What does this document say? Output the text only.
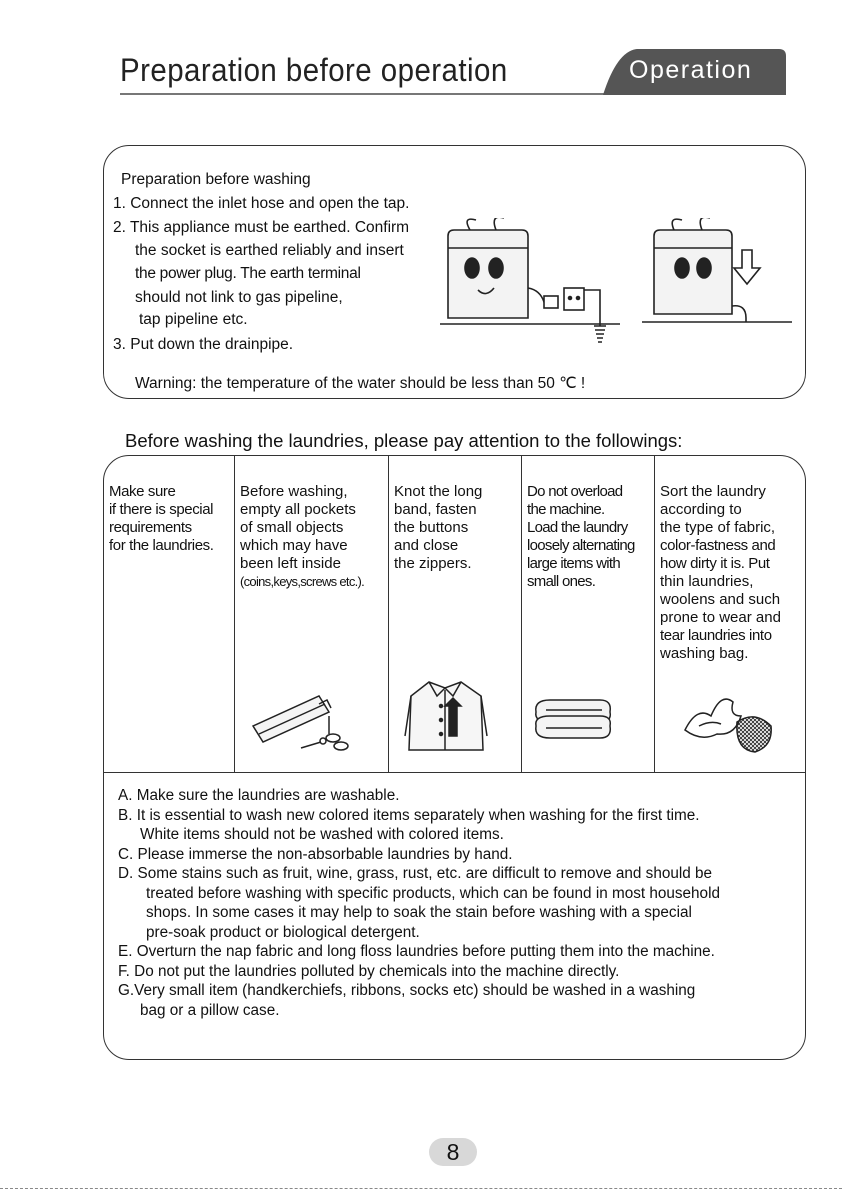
Preparation before operation	Operation
Preparation before washing
1. Connect the inlet hose and open the tap.
2. This appliance must be earthed. Confirm
the socket is earthed reliably and insert
the power plug. The earth terminal
should not link to gas pipeline,
tap pipeline etc.
3. Put down the drainpipe.
Warning: the temperature of the water should be less than 50 ℃ !
Before washing the laundries, please pay attention to the followings:
Make sure
if there is special
requirements
for the laundries.
Before washing,
empty all pockets
of small objects
which may have
been left inside
(coins,keys,screws etc.).
Knot the long
band, fasten
the buttons
and close
the zippers.
Do not overload
the machine.
Load the laundry
loosely alternating
large items with
small ones.
Sort the laundry
according to
the type of fabric,
color-fastness and
how dirty it is. Put
thin laundries,
woolens and such
prone to wear and
tear laundries into
washing bag.
A. Make sure the laundries are washable.
B. It is essential to wash new colored items separately when washing for the first time.
White items should not be washed with colored items.
C. Please immerse the non-absorbable laundries by hand.
D. Some stains such as fruit, wine, grass, rust, etc. are difficult to remove and should be
treated before washing with specific products, which can be found in most household
shops. In some cases it may help to soak the stain before washing with a special
pre-soak product or biological detergent.
E. Overturn the nap fabric and long floss laundries before putting them into the machine.
F. Do not put the laundries polluted by chemicals into the machine directly.
G.Very small item (handkerchiefs, ribbons, socks etc) should be washed in a washing
bag or a pillow case.
8
